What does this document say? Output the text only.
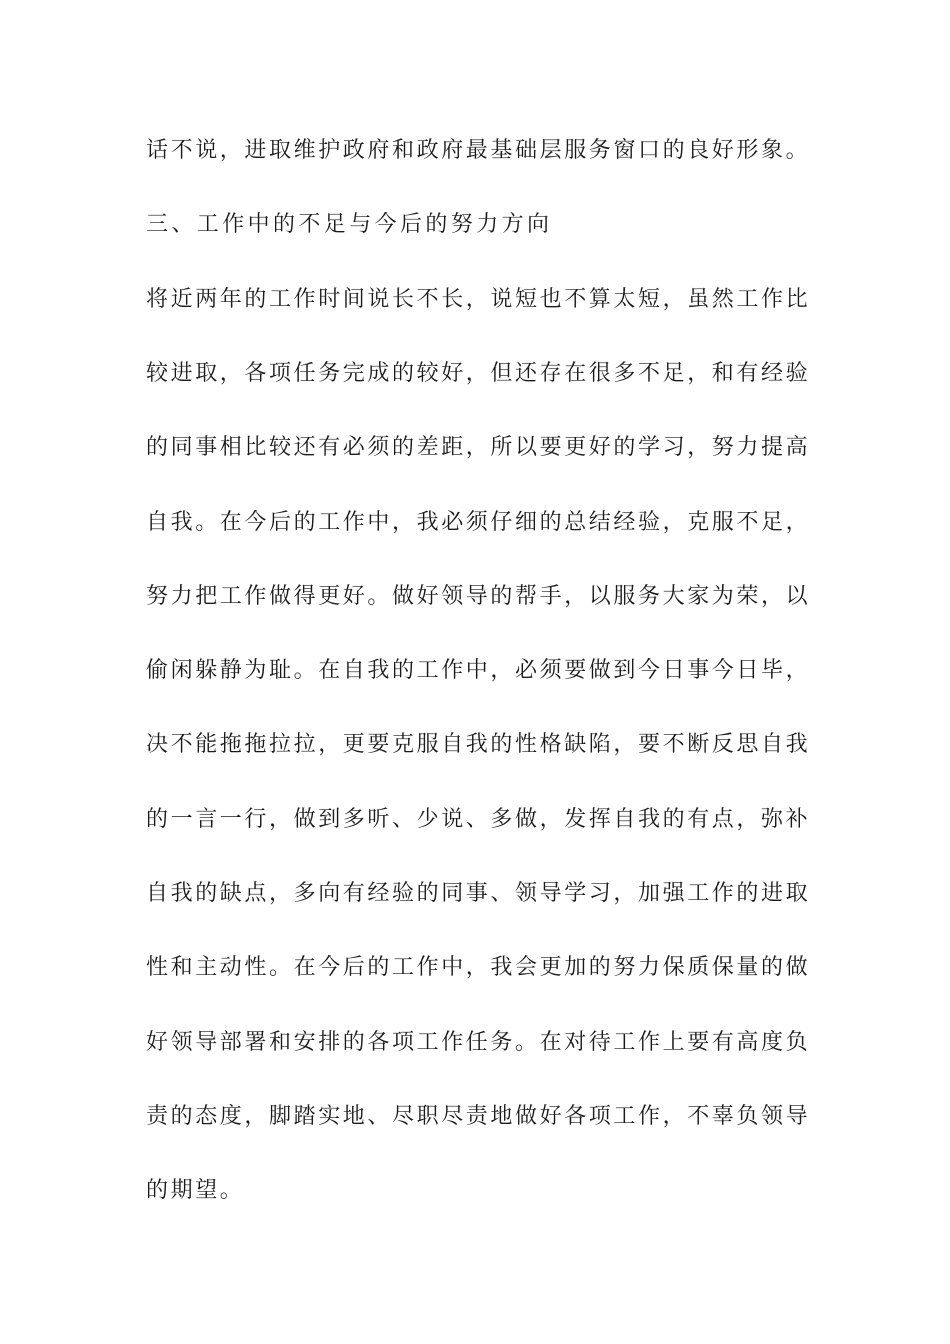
话不说，进取维护政府和政府最基础层服务窗口的良好形象。
三、工作中的不足与今后的努力方向
将近两年的工作时间说长不长，说短也不算太短，虽然工作比
较进取，各项任务完成的较好，但还存在很多不足，和有经验
的同事相比较还有必须的差距，所以要更好的学习，努力提高
自我。在今后的工作中，我必须仔细的总结经验，克服不足，
努力把工作做得更好。做好领导的帮手，以服务大家为荣，以
偷闲躲静为耻。在自我的工作中，必须要做到今日事今日毕，
决不能拖拖拉拉，更要克服自我的性格缺陷，要不断反思自我
的一言一行，做到多听、少说、多做，发挥自我的有点，弥补
自我的缺点，多向有经验的同事、领导学习，加强工作的进取
性和主动性。在今后的工作中，我会更加的努力保质保量的做
好领导部署和安排的各项工作任务。在对待工作上要有高度负
责的态度，脚踏实地、尽职尽责地做好各项工作，不辜负领导
的期望。
